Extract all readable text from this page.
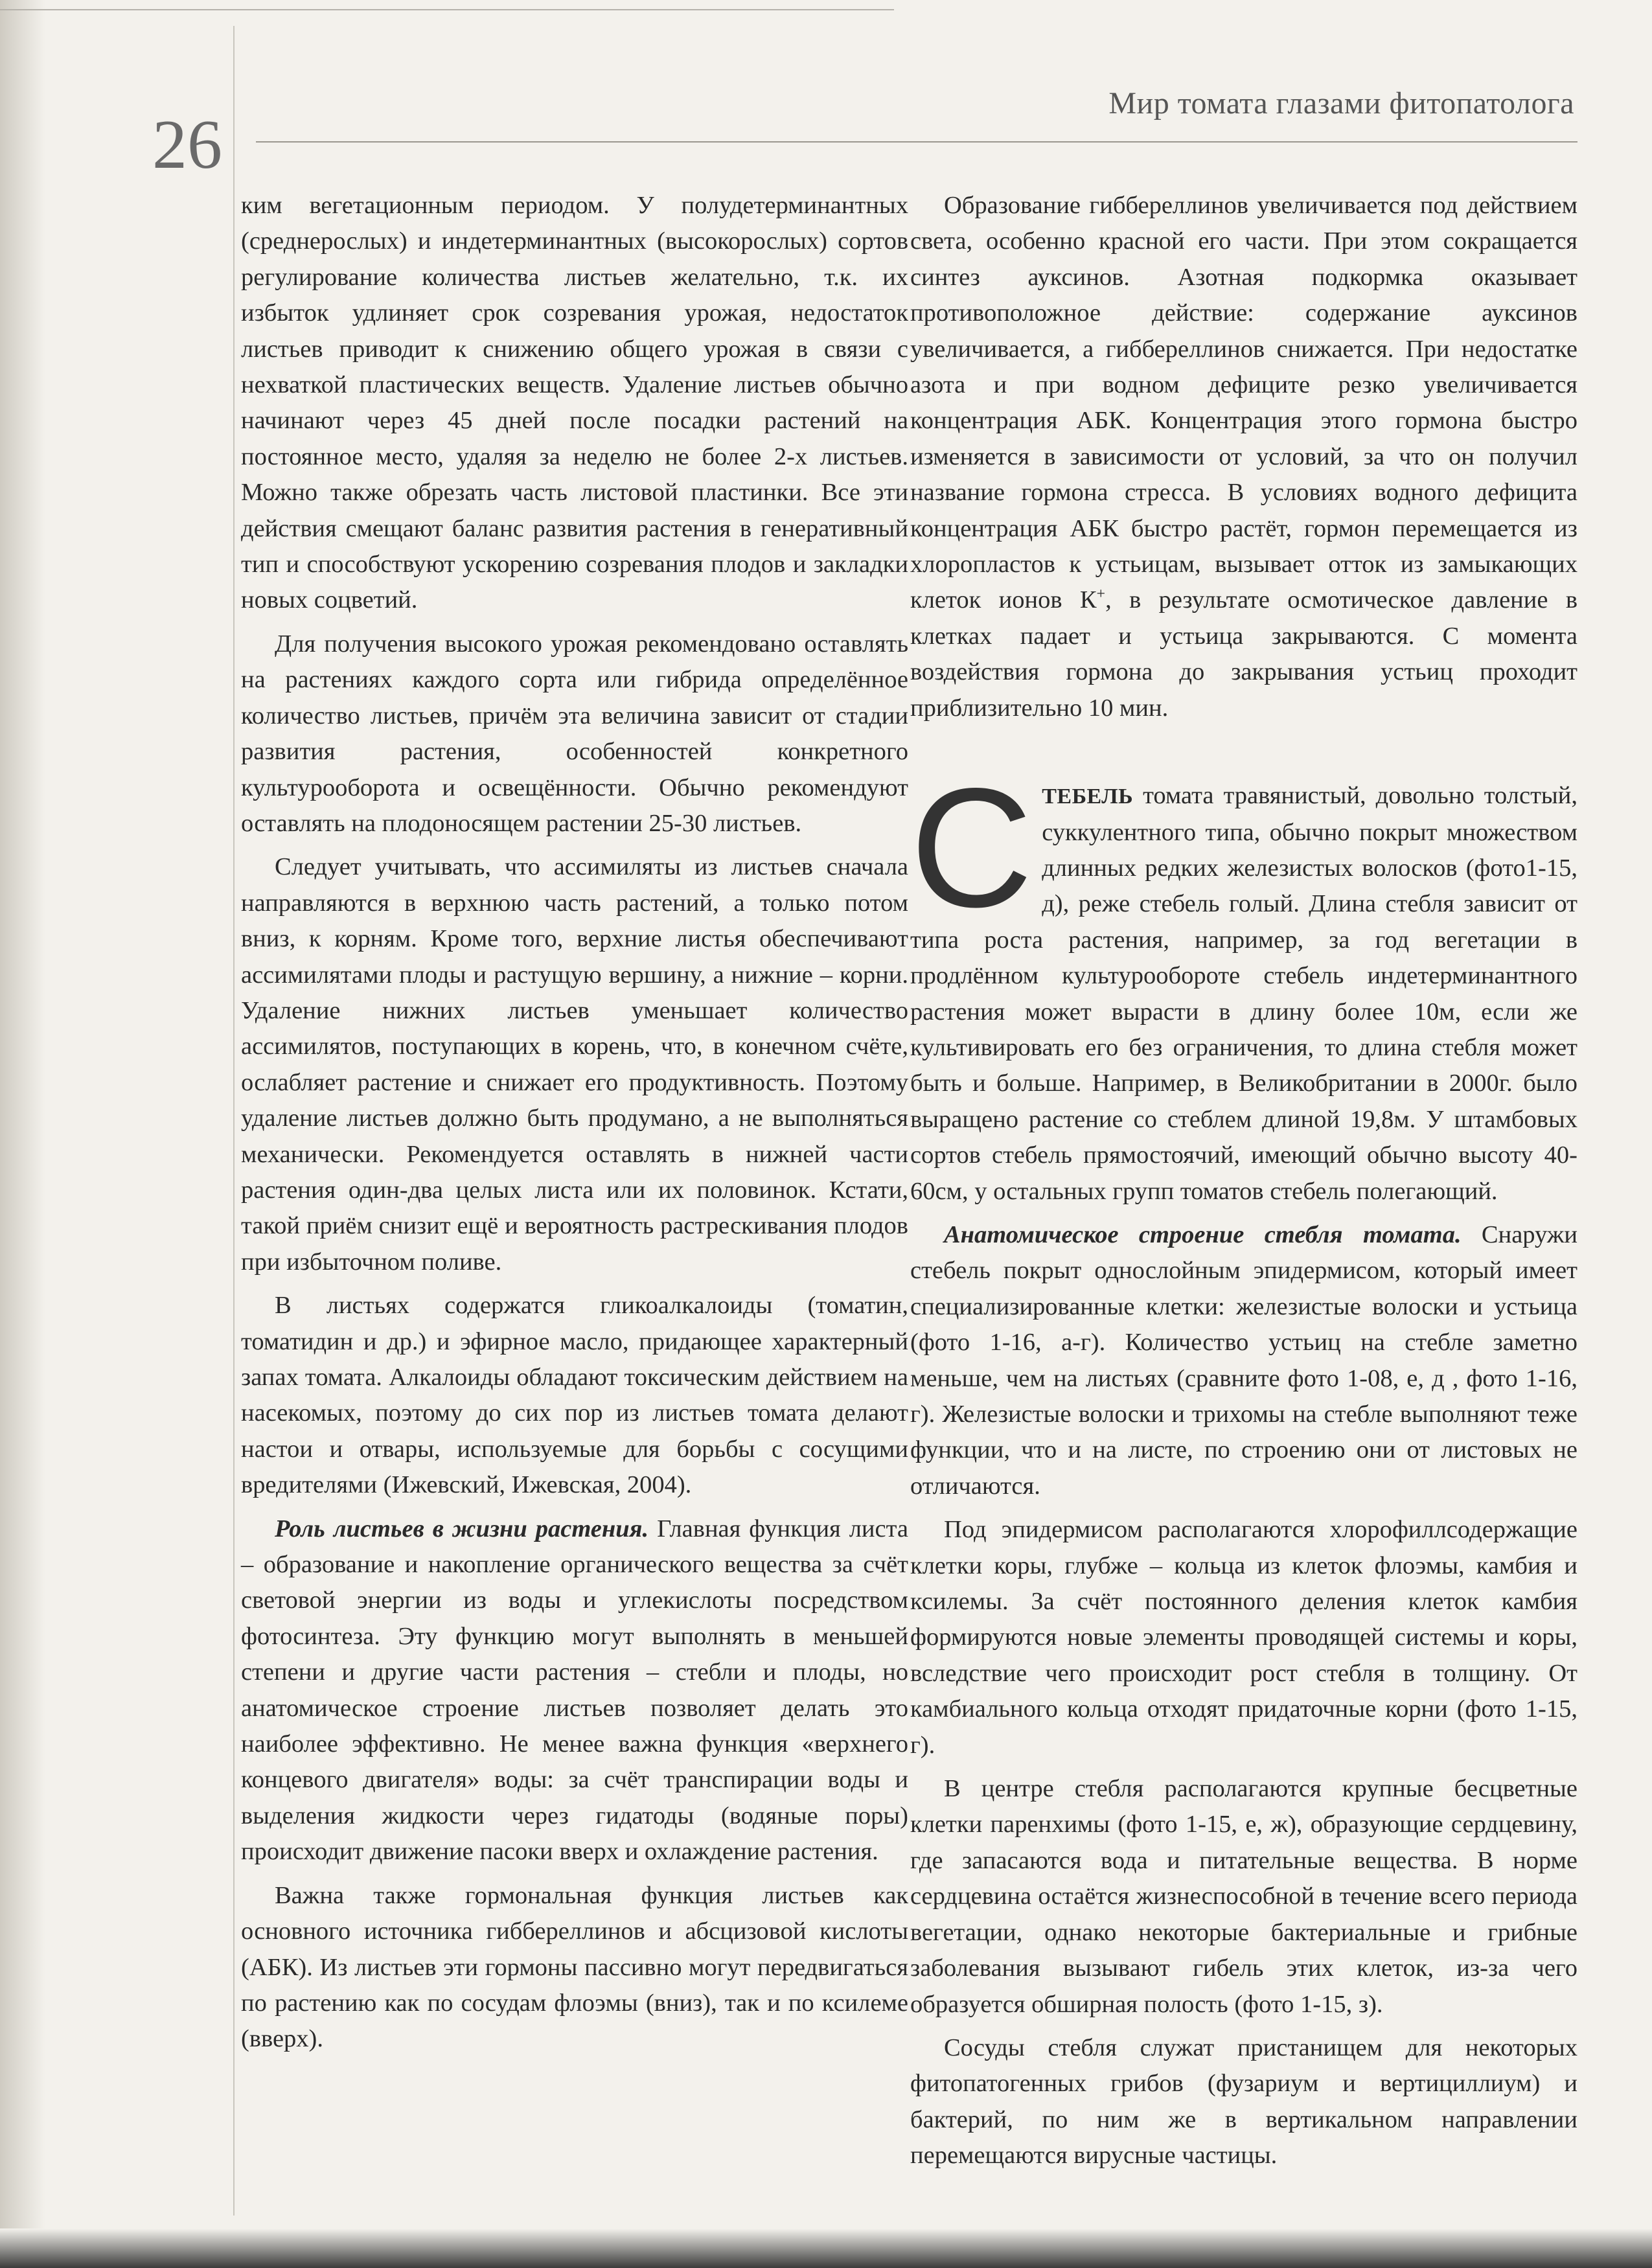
26

Мир томата глазами фитопатолога

ким вегетационным периодом. У полудетерминантных (среднерослых) и индетерминантных (высокорослых) сортов регулирование количества листьев желательно, т.к. их избыток удлиняет срок созревания урожая, недостаток листьев приводит к снижению общего урожая в связи с нехваткой пластических веществ. Удаление листьев обычно начинают через 45 дней после посадки растений на постоянное место, удаляя за неделю не более 2-х листьев. Можно также обрезать часть листовой пластинки. Все эти действия смещают баланс развития растения в генеративный тип и способствуют ускорению созревания плодов и закладки новых соцветий.

Для получения высокого урожая рекомендовано оставлять на растениях каждого сорта или гибрида определённое количество листьев, причём эта величина зависит от стадии развития растения, особенностей конкретного культурооборота и освещённости. Обычно рекомендуют оставлять на плодоносящем растении 25-30 листьев.

Следует учитывать, что ассимиляты из листьев сначала направляются в верхнюю часть растений, а только потом вниз, к корням. Кроме того, верхние листья обеспечивают ассимилятами плоды и растущую вершину, а нижние – корни. Удаление нижних листьев уменьшает количество ассимилятов, поступающих в корень, что, в конечном счёте, ослабляет растение и снижает его продуктивность. Поэтому удаление листьев должно быть продумано, а не выполняться механически. Рекомендуется оставлять в нижней части растения один-два целых листа или их половинок. Кстати, такой приём снизит ещё и вероятность растрескивания плодов при избыточном поливе.

В листьях содержатся гликоалкалоиды (томатин, томатидин и др.) и эфирное масло, придающее характерный запах томата. Алкалоиды обладают токсическим действием на насекомых, поэтому до сих пор из листьев томата делают настои и отвары, используемые для борьбы с сосущими вредителями (Ижевский, Ижевская, 2004).

Роль листьев в жизни растения. Главная функция листа – образование и накопление органического вещества за счёт световой энергии из воды и углекислоты посредством фотосинтеза. Эту функцию могут выполнять в меньшей степени и другие части растения – стебли и плоды, но анатомическое строение листьев позволяет делать это наиболее эффективно. Не менее важна функция «верхнего концевого двигателя» воды: за счёт транспирации воды и выделения жидкости через гидатоды (водяные поры) происходит движение пасоки вверх и охлаждение растения.

Важна также гормональная функция листьев как основного источника гиббереллинов и абсцизовой кислоты (АБК). Из листьев эти гормоны пассивно могут передвигаться по растению как по сосудам флоэмы (вниз), так и по ксилеме (вверх).

Образование гиббереллинов увеличивается под действием света, особенно красной его части. При этом сокращается синтез ауксинов. Азотная подкормка оказывает противоположное действие: содержание ауксинов увеличивается, а гиббереллинов снижается. При недостатке азота и при водном дефиците резко увеличивается концентрация АБК. Концентрация этого гормона быстро изменяется в зависимости от условий, за что он получил название гормона стресса. В условиях водного дефицита концентрация АБК быстро растёт, гормон перемещается из хлоропластов к устьицам, вызывает отток из замыкающих клеток ионов К+, в результате осмотическое давление в клетках падает и устьица закрываются. С момента воздействия гормона до закрывания устьиц проходит приблизительно 10 мин.

СТЕБЕЛЬ томата травянистый, довольно толстый, суккулентного типа, обычно покрыт множеством длинных редких железистых волосков (фото1-15, д), реже стебель голый. Длина стебля зависит от типа роста растения, например, за год вегетации в продлённом культурообороте стебель индетерминантного растения может вырасти в длину более 10м, если же культивировать его без ограничения, то длина стебля может быть и больше. Например, в Великобритании в 2000г. было выращено растение со стеблем длиной 19,8м. У штамбовых сортов стебель прямостоячий, имеющий обычно высоту 40-60см, у остальных групп томатов стебель полегающий.

Анатомическое строение стебля томата. Снаружи стебель покрыт однослойным эпидермисом, который имеет специализированные клетки: железистые волоски и устьица (фото 1-16, а-г). Количество устьиц на стебле заметно меньше, чем на листьях (сравните фото 1-08, е, д , фото 1-16, г). Железистые волоски и трихомы на стебле выполняют теже функции, что и на листе, по строению они от листовых не отличаются.

Под эпидермисом располагаются хлорофиллсодержащие клетки коры, глубже – кольца из клеток флоэмы, камбия и ксилемы. За счёт постоянного деления клеток камбия формируются новые элементы проводящей системы и коры, вследствие чего происходит рост стебля в толщину. От камбиального кольца отходят придаточные корни (фото 1-15, г).

В центре стебля располагаются крупные бесцветные клетки паренхимы (фото 1-15, е, ж), образующие сердцевину, где запасаются вода и питательные вещества. В норме сердцевина остаётся жизнеспособной в течение всего периода вегетации, однако некоторые бактериальные и грибные заболевания вызывают гибель этих клеток, из-за чего образуется обширная полость (фото 1-15, з).

Сосуды стебля служат пристанищем для некоторых фитопатогенных грибов (фузариум и вертициллиум) и бактерий, по ним же в вертикальном направлении перемещаются вирусные частицы.
